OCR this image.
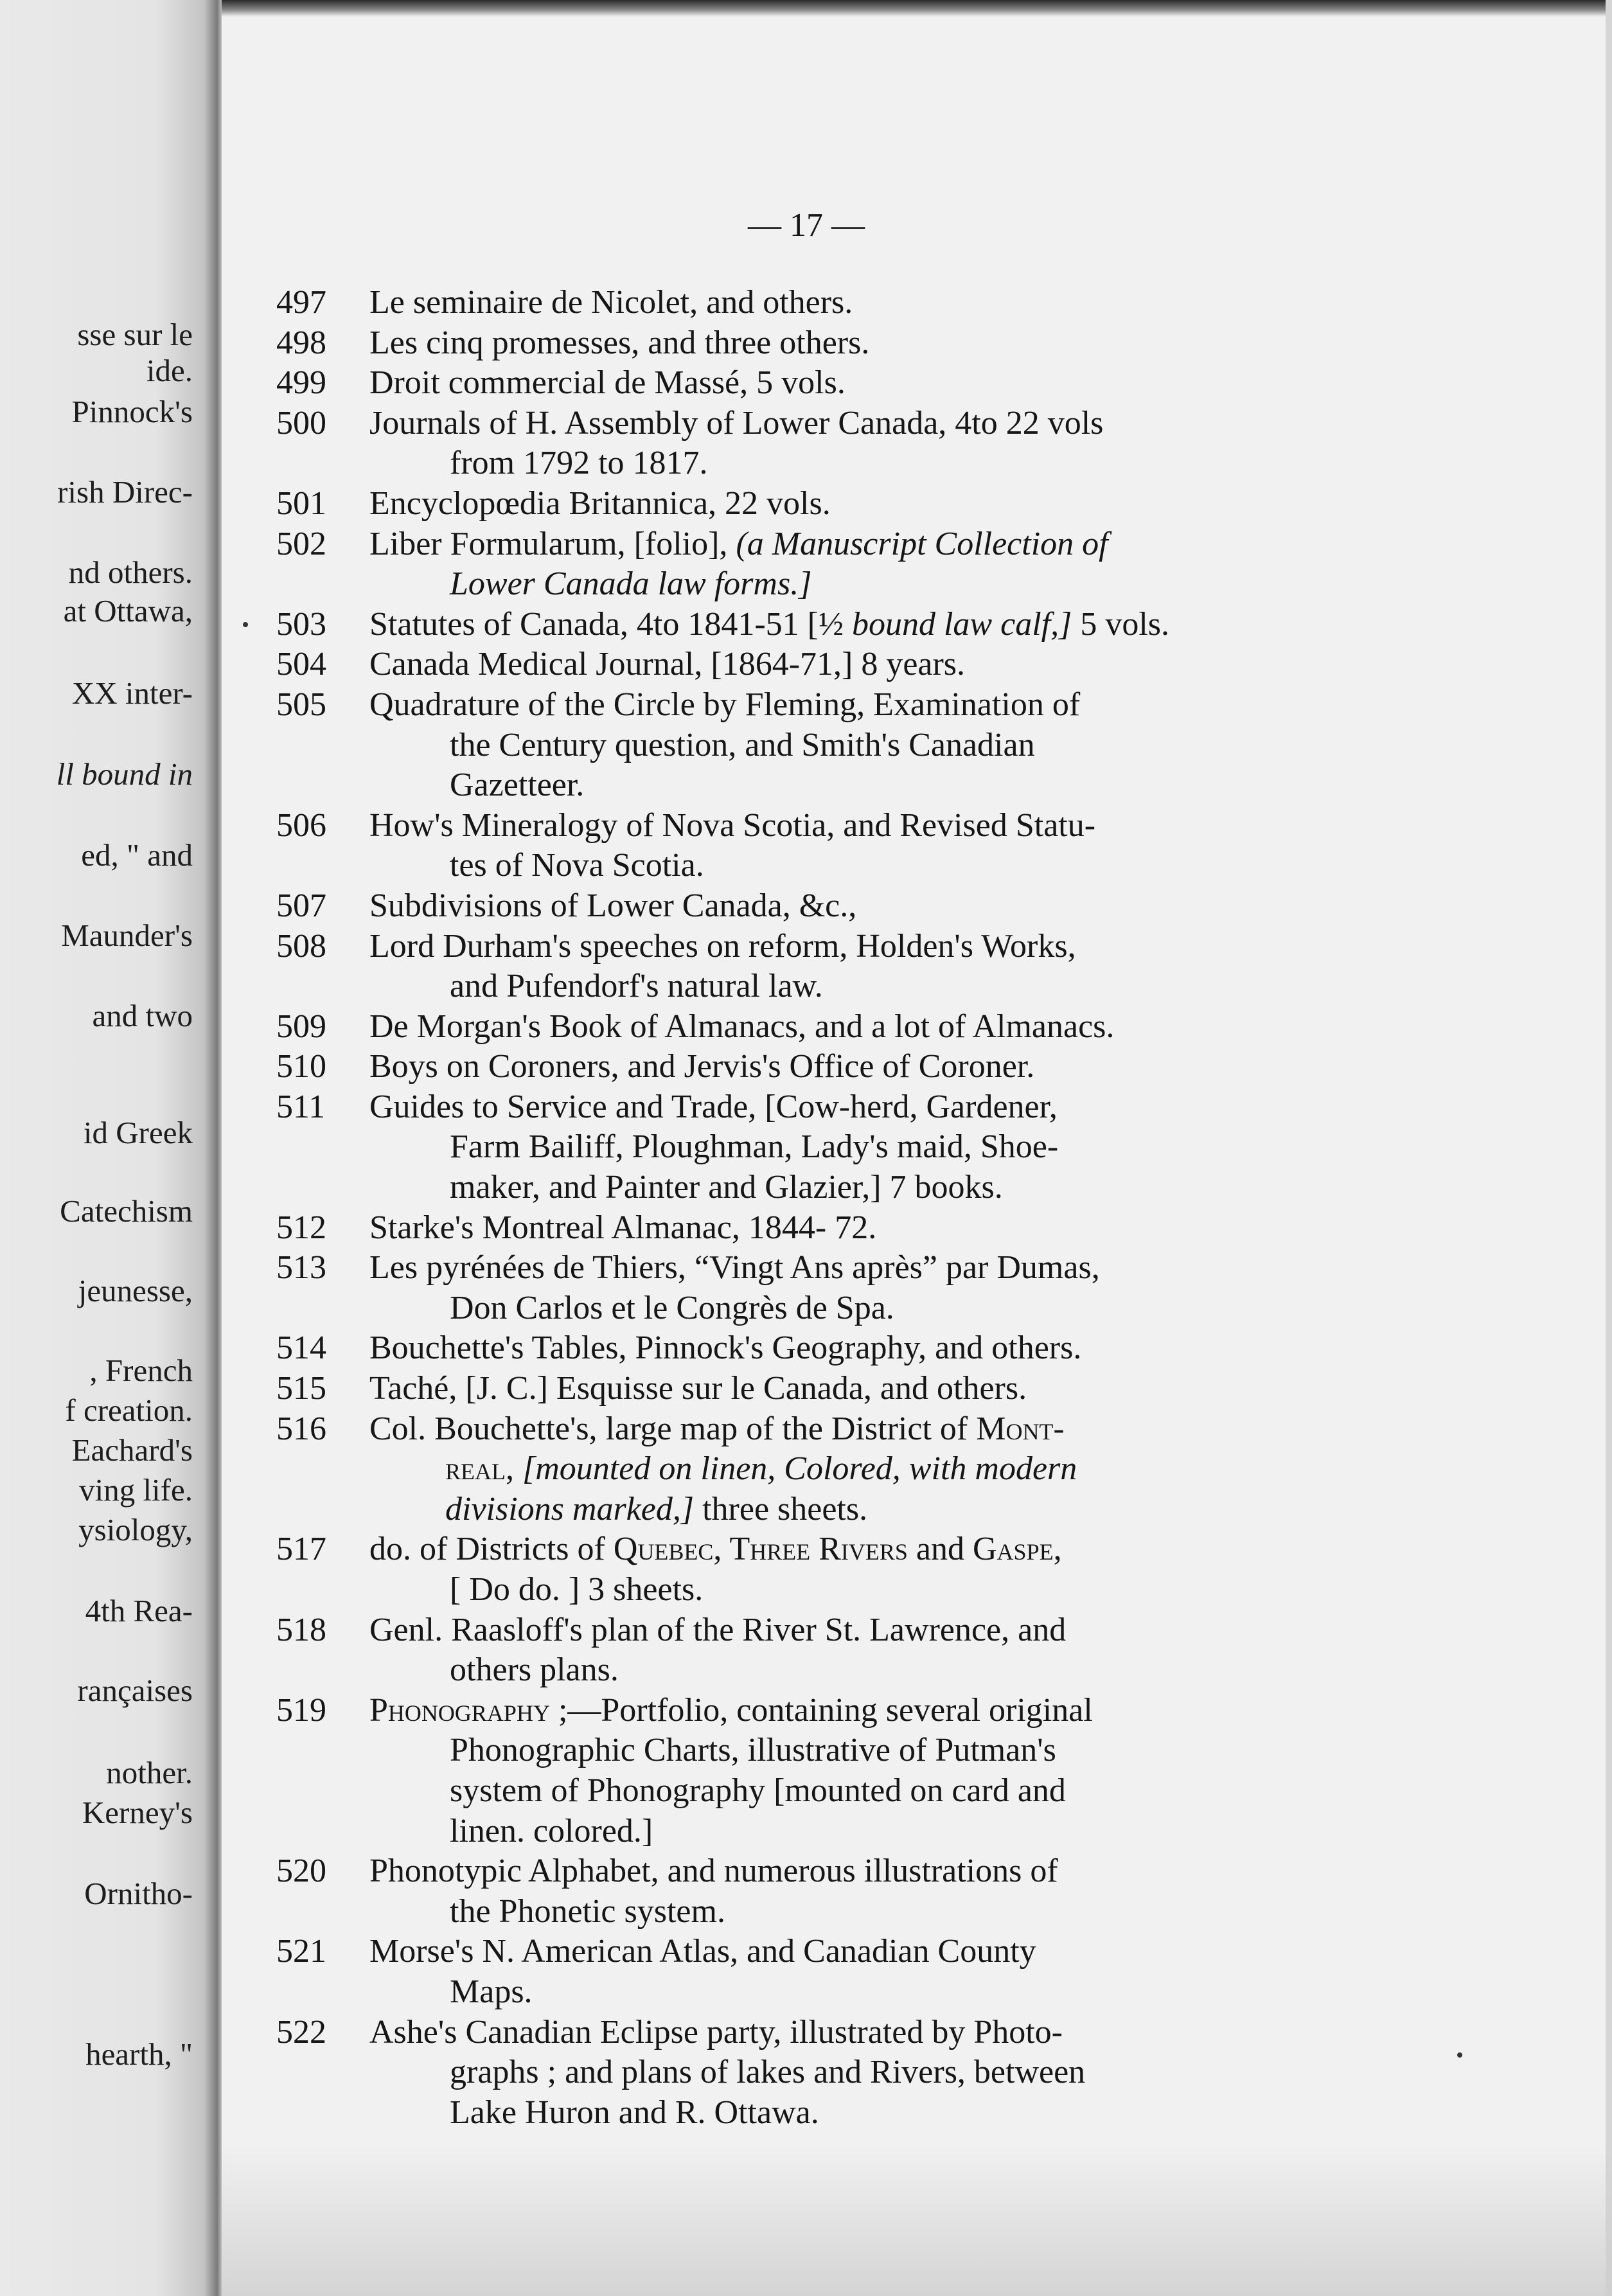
sse sur le
ide.
Pinnock's
rish Direc-
nd others.
at Ottawa,
XX inter-
ll bound in
ed, " and
Maunder's
and two
id Greek
Catechism
jeunesse,
, French
f creation.
Eachard's
ving life.
ysiology,
4th Rea-
rançaises
nother.
Kerney's
Ornitho-
hearth, "
— 17 —
497	Le seminaire de Nicolet, and others.
498	Les cinq promesses, and three others.
499	Droit commercial de Massé, 5 vols.
500	Journals of H. Assembly of Lower Canada, 4to 22 vols
from 1792 to 1817.
501	Encyclopœdia Britannica, 22 vols.
502	Liber Formularum, [folio], (a Manuscript Collection of
Lower Canada law forms.]
503	Statutes of Canada, 4to 1841-51 [½ bound law calf,] 5 vols.
504	Canada Medical Journal, [1864-71,] 8 years.
505	Quadrature of the Circle by Fleming, Examination of
the Century question, and Smith's Canadian
Gazetteer.
506	How's Mineralogy of Nova Scotia, and Revised Statu-
tes of Nova Scotia.
507	Subdivisions of Lower Canada, &c.,
508	Lord Durham's speeches on reform, Holden's Works,
and Pufendorf's natural law.
509	De Morgan's Book of Almanacs, and a lot of Almanacs.
510	Boys on Coroners, and Jervis's Office of Coroner.
511	Guides to Service and Trade, [Cow-herd, Gardener,
Farm Bailiff, Ploughman, Lady's maid, Shoe-
maker, and Painter and Glazier,] 7 books.
512	Starke's Montreal Almanac, 1844- 72.
513	Les pyrénées de Thiers, “Vingt Ans après” par Dumas,
Don Carlos et le Congrès de Spa.
514	Bouchette's Tables, Pinnock's Geography, and others.
515	Taché, [J. C.] Esquisse sur le Canada, and others.
516	Col. Bouchette's, large map of the District of Mont-
real, [mounted on linen, Colored, with modern
divisions marked,] three sheets.
517	do. of Districts of Quebec, Three Rivers and Gaspe,
[ Do do. ] 3 sheets.
518	Genl. Raasloff's plan of the River St. Lawrence, and
others plans.
519	Phonography ;—Portfolio, containing several original
Phonographic Charts, illustrative of Putman's
system of Phonography [mounted on card and
linen. colored.]
520	Phonotypic Alphabet, and numerous illustrations of
the Phonetic system.
521	Morse's N. American Atlas, and Canadian County
Maps.
522	Ashe's Canadian Eclipse party, illustrated by Photo-
graphs ; and plans of lakes and Rivers, between
Lake Huron and R. Ottawa.
